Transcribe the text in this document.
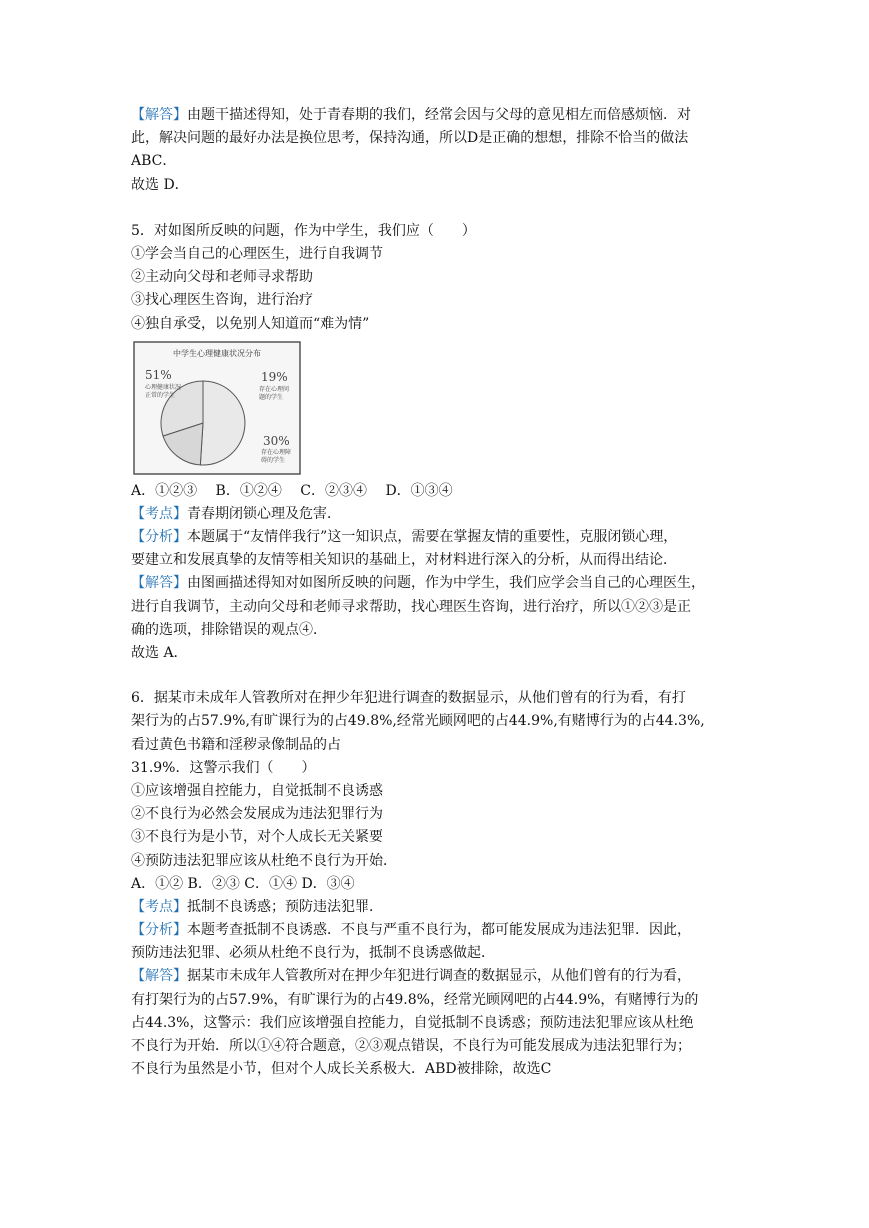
【解答】由题干描述得知，处于青春期的我们，经常会因与父母的意见相左而倍感烦恼．对
此，解决问题的最好办法是换位思考，保持沟通，所以D是正确的想想，排除不恰当的做法
ABC．
故选 D．
5．对如图所反映的问题，作为中学生，我们应（　　）
①学会当自己的心理医生，进行自我调节
②主动向父母和老师寻求帮助
③找心理医生咨询，进行治疗
④独自承受，以免别人知道而“难为情”
中学生心理健康状况分布
51%
心理健康状况
正常的学生
19%
存在心理问
题的学生
30%
存在心理障
碍的学生
A．①②③　 B．①②④　 C．②③④　 D．①③④
【考点】青春期闭锁心理及危害．
【分析】本题属于“友情伴我行”这一知识点，需要在掌握友情的重要性，克服闭锁心理，
要建立和发展真挚的友情等相关知识的基础上，对材料进行深入的分析，从而得出结论．
【解答】由图画描述得知对如图所反映的问题，作为中学生，我们应学会当自己的心理医生，
进行自我调节，主动向父母和老师寻求帮助，找心理医生咨询，进行治疗，所以①②③是正
确的选项，排除错误的观点④．
故选 A．
6．据某市未成年人管教所对在押少年犯进行调查的数据显示，从他们曾有的行为看，有打
架行为的占57.9%,有旷课行为的占49.8%,经常光顾网吧的占44.9%,有赌博行为的占44.3%,
看过黄色书籍和淫秽录像制品的占
31.9%．这警示我们（　　）
①应该增强自控能力，自觉抵制不良诱惑
②不良行为必然会发展成为违法犯罪行为
③不良行为是小节，对个人成长无关紧要
④预防违法犯罪应该从杜绝不良行为开始．
A．①② B．②③ C．①④ D．③④
【考点】抵制不良诱惑；预防违法犯罪．
【分析】本题考查抵制不良诱惑．不良与严重不良行为，都可能发展成为违法犯罪．因此，
预防违法犯罪、必须从杜绝不良行为，抵制不良诱惑做起．
【解答】据某市未成年人管教所对在押少年犯进行调查的数据显示，从他们曾有的行为看，
有打架行为的占57.9%，有旷课行为的占49.8%，经常光顾网吧的占44.9%，有赌博行为的
占44.3%，这警示：我们应该增强自控能力，自觉抵制不良诱惑；预防违法犯罪应该从杜绝
不良行为开始．所以①④符合题意，②③观点错误，不良行为可能发展成为违法犯罪行为；
不良行为虽然是小节，但对个人成长关系极大．ABD被排除，故选C
